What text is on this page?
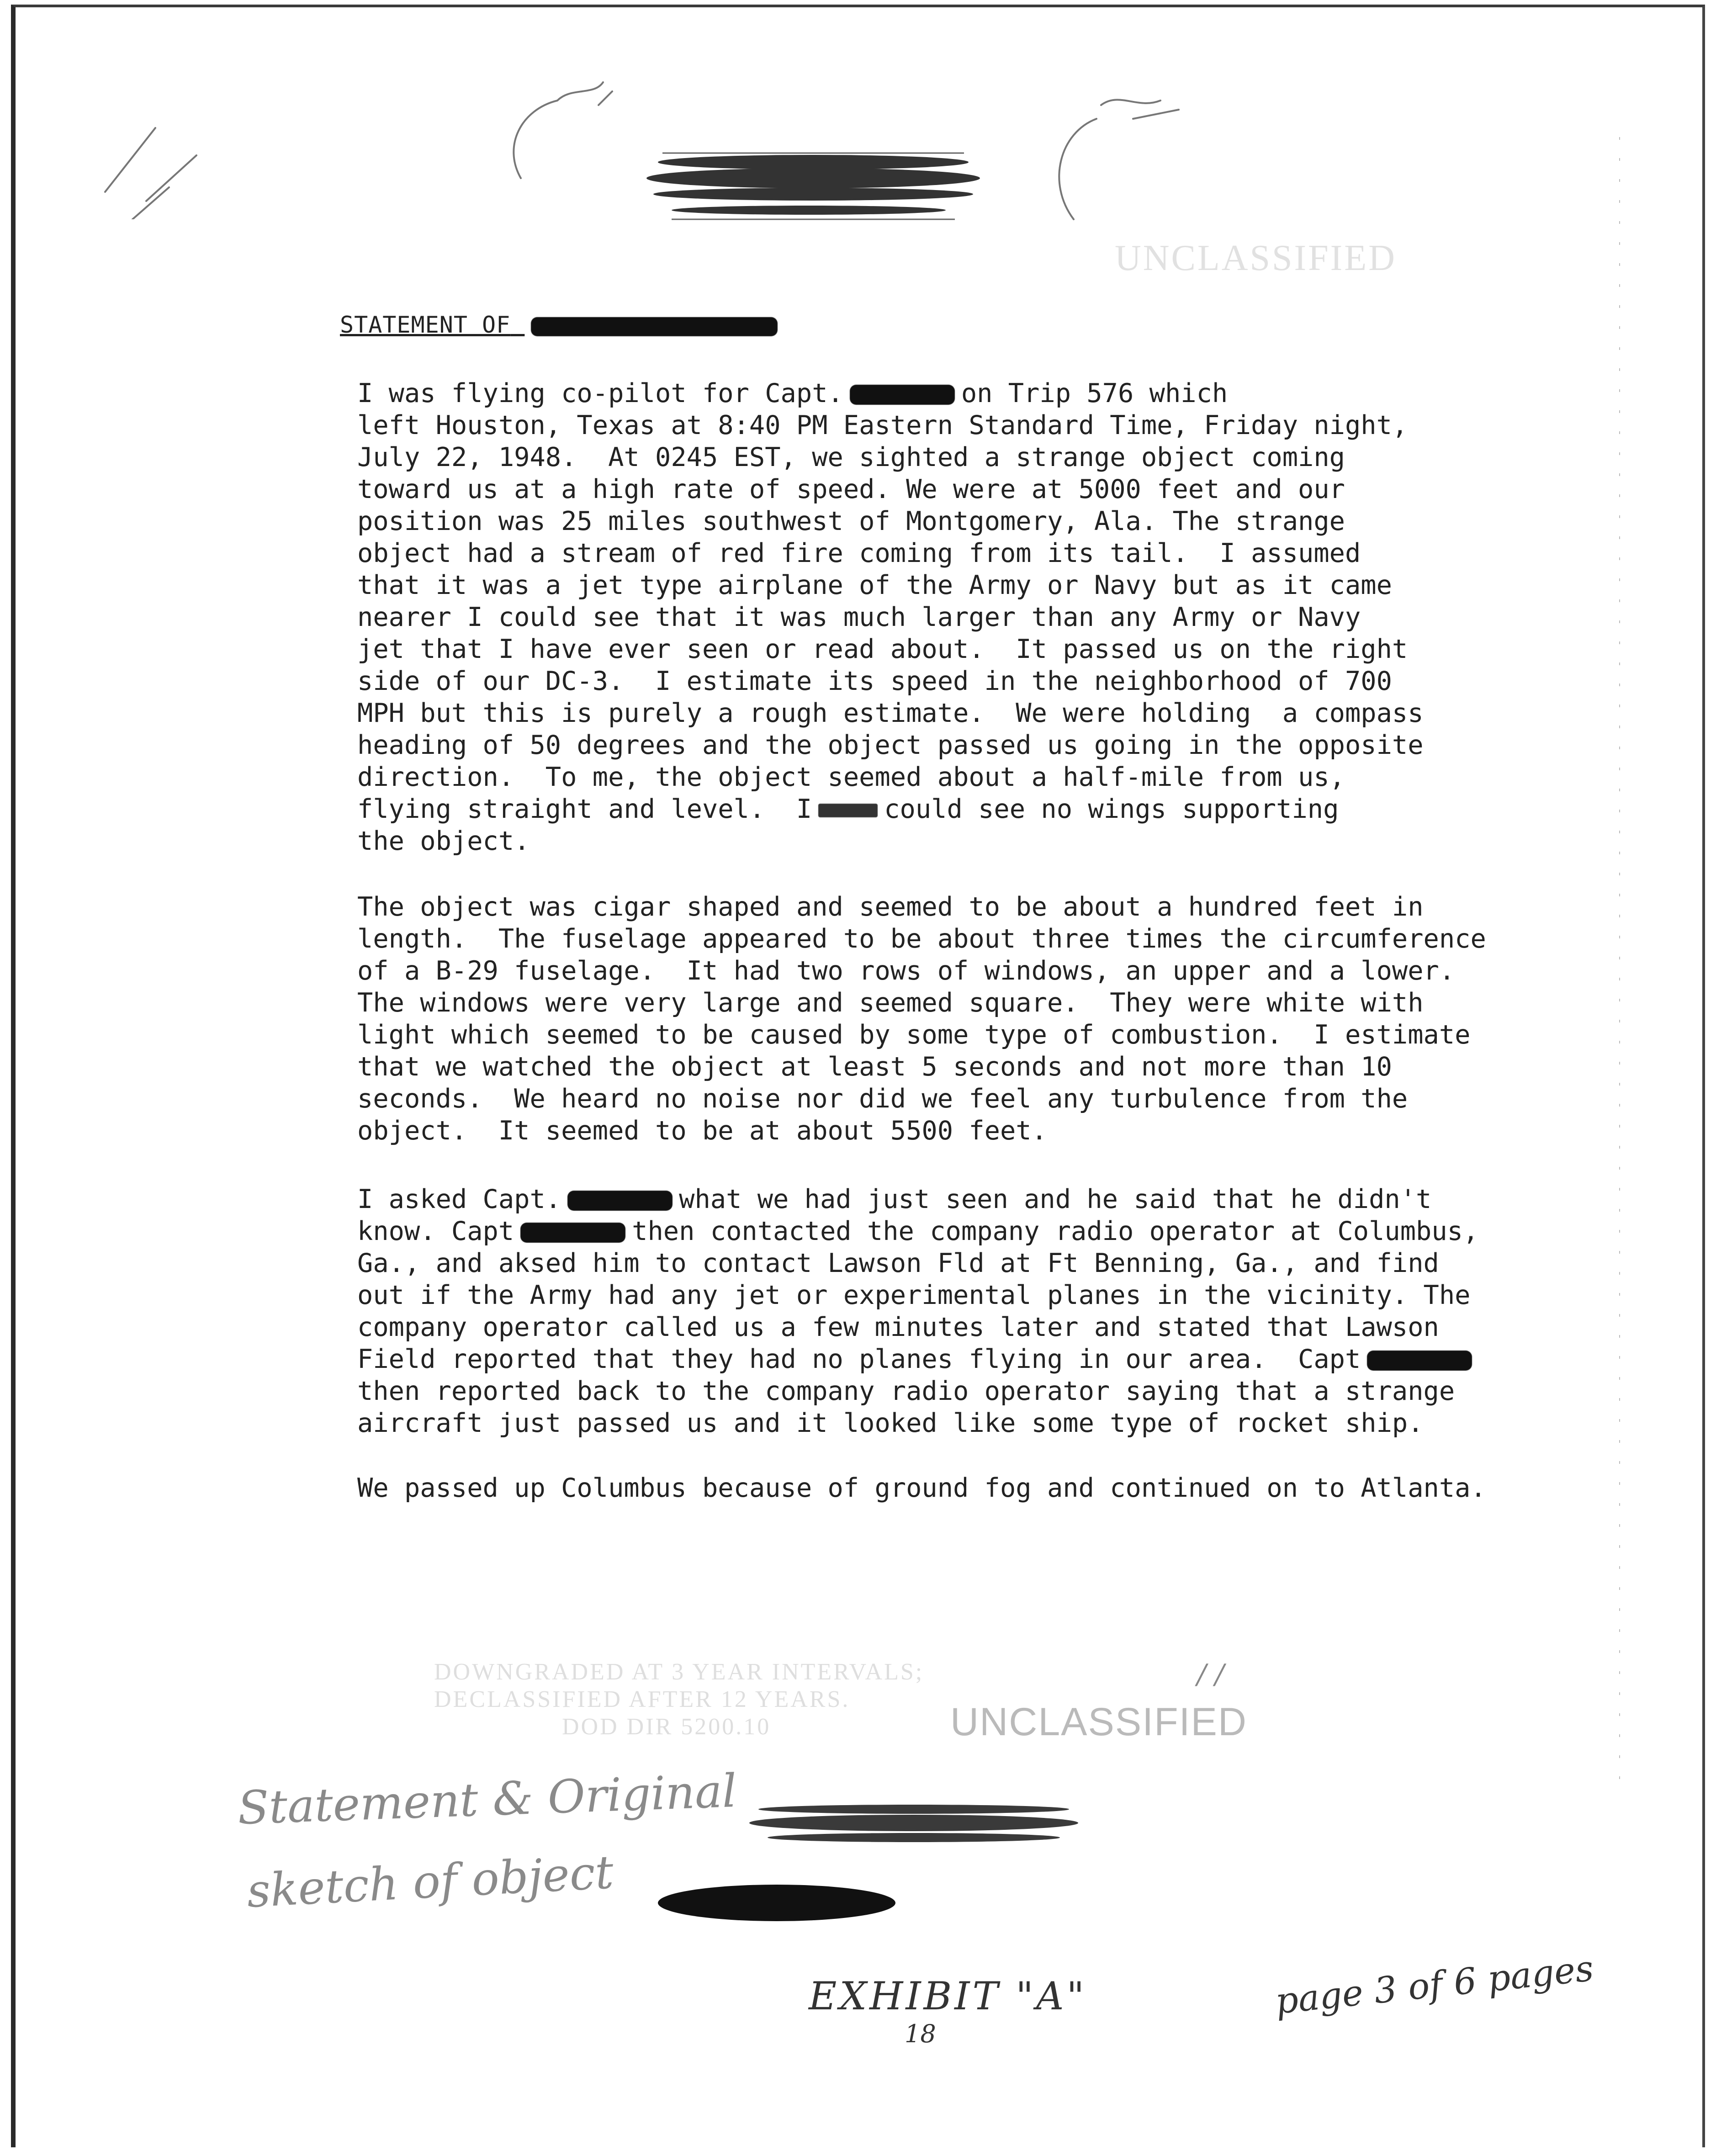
UNCLASSIFIED
STATEMENT OF
I was flying co-pilot for Capt.	on Trip 576 which
left Houston, Texas at 8:40 PM Eastern Standard Time, Friday night,
July 22, 1948.  At 0245 EST, we sighted a strange object coming
toward us at a high rate of speed. We were at 5000 feet and our
position was 25 miles southwest of Montgomery, Ala. The strange
object had a stream of red fire coming from its tail.  I assumed
that it was a jet type airplane of the Army or Navy but as it came
nearer I could see that it was much larger than any Army or Navy
jet that I have ever seen or read about.  It passed us on the right
side of our DC-3.  I estimate its speed in the neighborhood of 700
MPH but this is purely a rough estimate.  We were holding  a compass
heading of 50 degrees and the object passed us going in the opposite
direction.  To me, the object seemed about a half-mile from us,
flying straight and level.  I	could see no wings supporting
the object.
The object was cigar shaped and seemed to be about a hundred feet in
length.  The fuselage appeared to be about three times the circumference
of a B-29 fuselage.  It had two rows of windows, an upper and a lower.
The windows were very large and seemed square.  They were white with
light which seemed to be caused by some type of combustion.  I estimate
that we watched the object at least 5 seconds and not more than 10
seconds.  We heard no noise nor did we feel any turbulence from the
object.  It seemed to be at about 5500 feet.
I asked Capt.	what we had just seen and he said that he didn't
know. Capt	then contacted the company radio operator at Columbus,
Ga., and aksed him to contact Lawson Fld at Ft Benning, Ga., and find
out if the Army had any jet or experimental planes in the vicinity. The
company operator called us a few minutes later and stated that Lawson
Field reported that they had no planes flying in our area.  Capt
then reported back to the company radio operator saying that a strange
aircraft just passed us and it looked like some type of rocket ship.
We passed up Columbus because of ground fog and continued on to Atlanta.
DOWNGRADED AT 3 YEAR INTERVALS;
DECLASSIFIED AFTER 12 YEARS.
DOD DIR 5200.10	UNCLASSIFIED
/ /
Statement & Original
sketch of object
EXHIBIT "A"
18
page 3 of 6 pages
